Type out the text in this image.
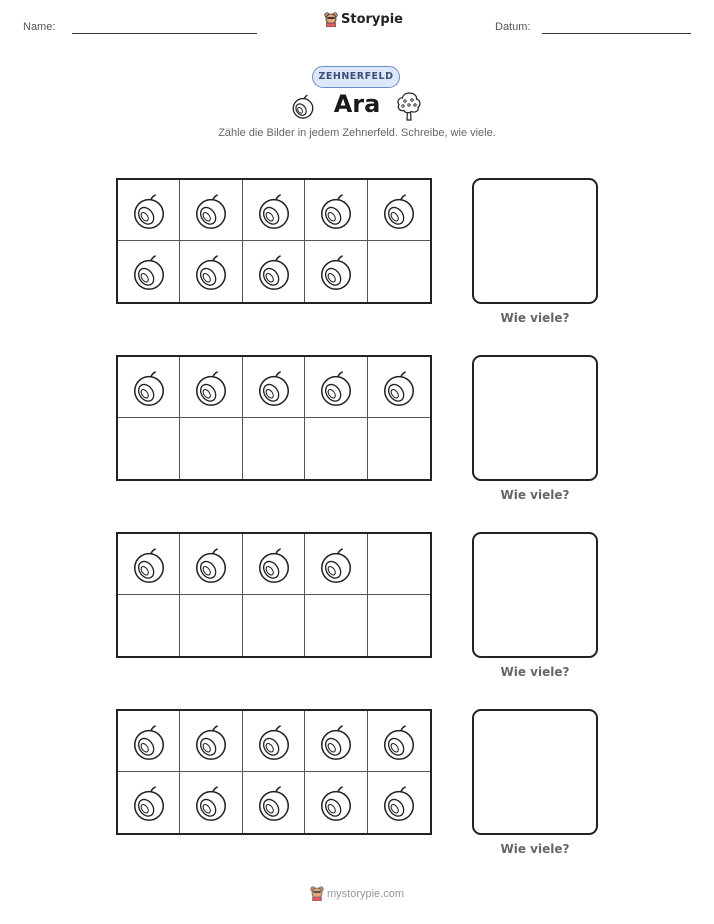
Name:	Storypie	Datum:
ZEHNERFELD
Ara
Zähle die Bilder in jedem Zehnerfeld. Schreibe, wie viele.
Wie viele?
Wie viele?
Wie viele?
Wie viele?
mystorypie.com
